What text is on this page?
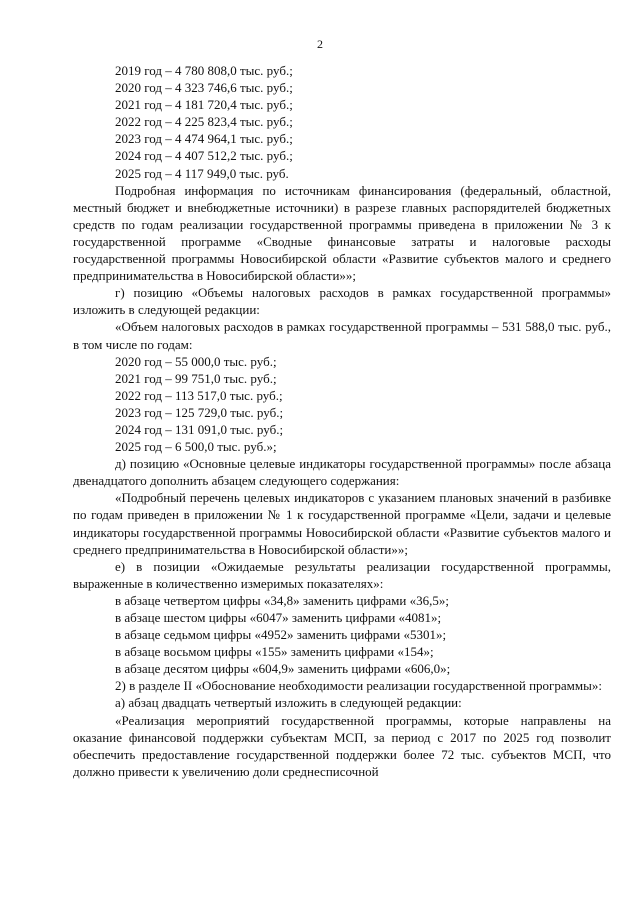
2

2019 год – 4 780 808,0 тыс. руб.;

2020 год – 4 323 746,6 тыс. руб.;

2021 год – 4 181 720,4 тыс. руб.;

2022 год – 4 225 823,4 тыс. руб.;

2023 год – 4 474 964,1 тыс. руб.;

2024 год – 4 407 512,2 тыс. руб.;

2025 год – 4 117 949,0 тыс. руб.

Подробная информация по источникам финансирования (федеральный, областной, местный бюджет и внебюджетные источники) в разрезе главных распорядителей бюджетных средств по годам реализации государственной программы приведена в приложении № 3 к государственной программе «Сводные финансовые затраты и налоговые расходы государственной программы Новосибирской области «Развитие субъектов малого и среднего предпринимательства в Новосибирской области»»;

г) позицию «Объемы налоговых расходов в рамках государственной программы» изложить в следующей редакции:

«Объем налоговых расходов в рамках государственной программы – 531 588,0 тыс. руб., в том числе по годам:

2020 год – 55 000,0 тыс. руб.;

2021 год – 99 751,0 тыс. руб.;

2022 год – 113 517,0 тыс. руб.;

2023 год – 125 729,0 тыс. руб.;

2024 год – 131 091,0 тыс. руб.;

2025 год – 6 500,0 тыс. руб.»;

д) позицию «Основные целевые индикаторы государственной программы» после абзаца двенадцатого дополнить абзацем следующего содержания:

«Подробный перечень целевых индикаторов с указанием плановых значений в разбивке по годам приведен в приложении № 1 к государственной программе «Цели, задачи и целевые индикаторы государственной программы Новосибирской области «Развитие субъектов малого и среднего предпринимательства в Новосибирской области»»;

е) в позиции «Ожидаемые результаты реализации государственной программы, выраженные в количественно измеримых показателях»:

в абзаце четвертом цифры «34,8» заменить цифрами «36,5»;

в абзаце шестом цифры «6047» заменить цифрами «4081»;

в абзаце седьмом цифры «4952» заменить цифрами «5301»;

в абзаце восьмом цифры «155» заменить цифрами «154»;

в абзаце десятом цифры «604,9» заменить цифрами «606,0»;

2) в разделе II «Обоснование необходимости реализации государственной программы»:

а) абзац двадцать четвертый изложить в следующей редакции:

«Реализация мероприятий государственной программы, которые направлены на оказание финансовой поддержки субъектам МСП, за период с 2017 по 2025 год позволит обеспечить предоставление государственной поддержки более 72 тыс. субъектов МСП, что должно привести к увеличению доли среднесписочной
